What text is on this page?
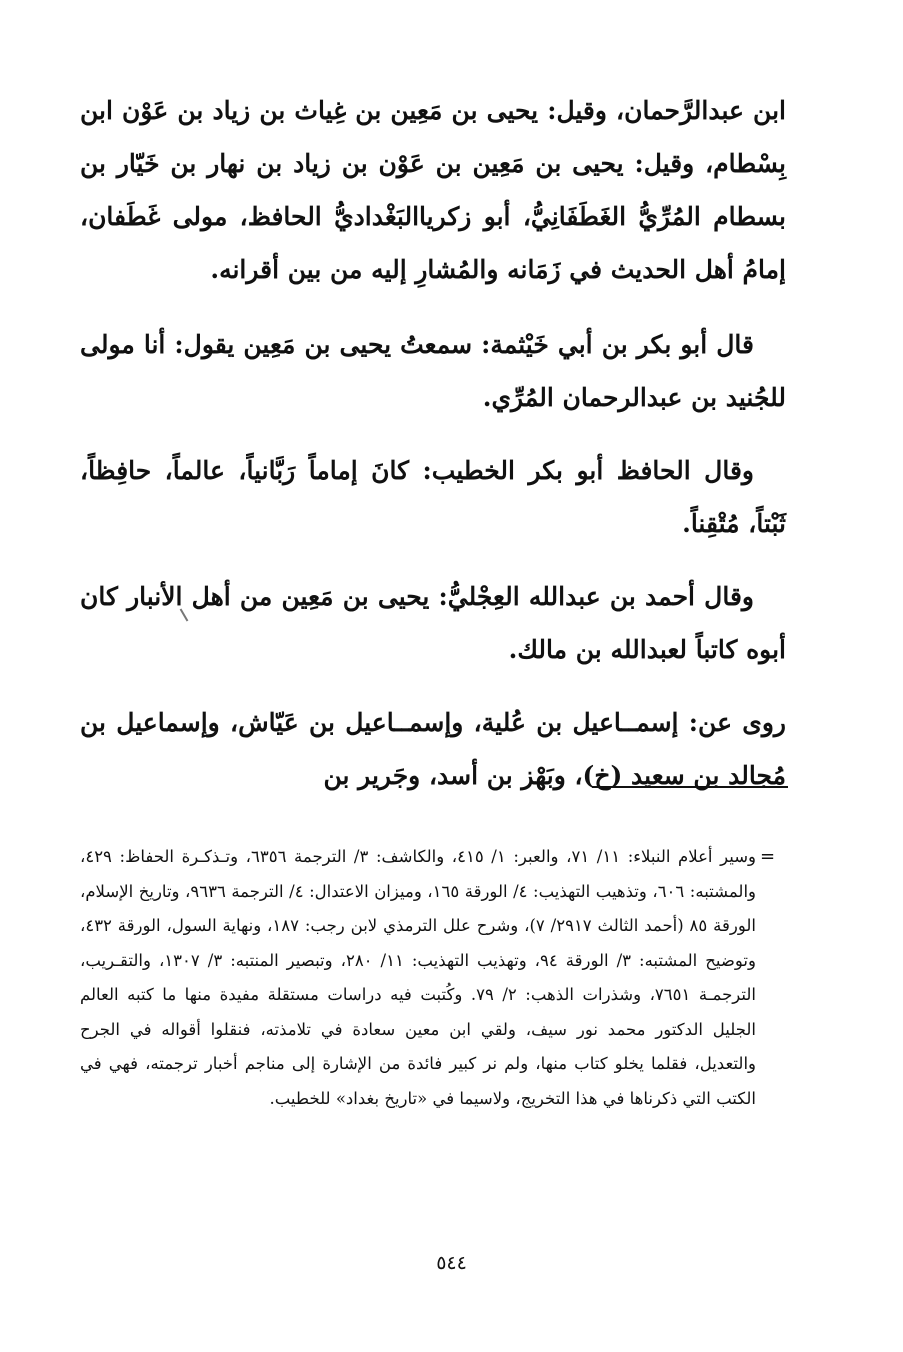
ابن عبدالرَّحمان، وقيل: يحيى بن مَعِين بن غِياث بن زياد بن عَوْن ابن بِسْطام، وقيل: يحيى بن مَعِين بن عَوْن بن زياد بن نهار بن خَيّار بن بسطام المُرِّيُّ الغَطَفَانِيُّ، أبو زكرياالبَغْداديُّ الحافظ، مولى غَطَفان، إمامُ أهل الحديث في زَمَانه والمُشارِ إليه من بين أقرانه.

قال أبو بكر بن أبي خَيْثمة: سمعتُ يحيى بن مَعِين يقول: أنا مولى للجُنيد بن عبدالرحمان المُرِّي.

وقال الحافظ أبو بكر الخطيب: كانَ إماماً رَبَّانياً، عالماً، حافِظاً، ثَبْتاً، مُتْقِناً.

وقال أحمد بن عبدالله العِجْليُّ: يحيى بن مَعِين من أهل الأنبار كان أبوه كاتباً لعبدالله بن مالك.

روى عن: إسمــاعيل بن عُلية، وإسمــاعيل بن عَيّاش، وإسماعيل بن مُجالد بن سعيد (خ)، وبَهْز بن أسد، وجَرير بن

=

وسير أعلام النبلاء: ١١/ ٧١، والعبر: ١/ ٤١٥، والكاشف: ٣/ الترجمة ٦٣٥٦، وتـذكـرة الحفاظ: ٤٢٩، والمشتبه: ٦٠٦، وتذهيب التهذيب: ٤/ الورقة ١٦٥، وميزان الاعتدال: ٤/ الترجمة ٩٦٣٦، وتاريخ الإسلام، الورقة ٨٥ (أحمد الثالث ٢٩١٧/ ٧)، وشرح علل الترمذي لابن رجب: ١٨٧، ونهاية السول، الورقة ٤٣٢، وتوضيح المشتبه: ٣/ الورقة ٩٤، وتهذيب التهذيب: ١١/ ٢٨٠، وتبصير المنتبه: ٣/ ١٣٠٧، والتقـريب، الترجمـة ٧٦٥١، وشذرات الذهب: ٢/ ٧٩. وكُتبت فيه دراسات مستقلة مفيدة منها ما كتبه العالم الجليل الدكتور محمد نور سيف، ولقي ابن معين سعادة في تلامذته، فنقلوا أقواله في الجرح والتعديل، فقلما يخلو كتاب منها، ولم نر كبير فائدة من الإشارة إلى مناجم أخبار ترجمته، فهي في الكتب التي ذكرناها في هذا التخريج، ولاسيما في «تاريخ بغداد» للخطيب.

٥٤٤
